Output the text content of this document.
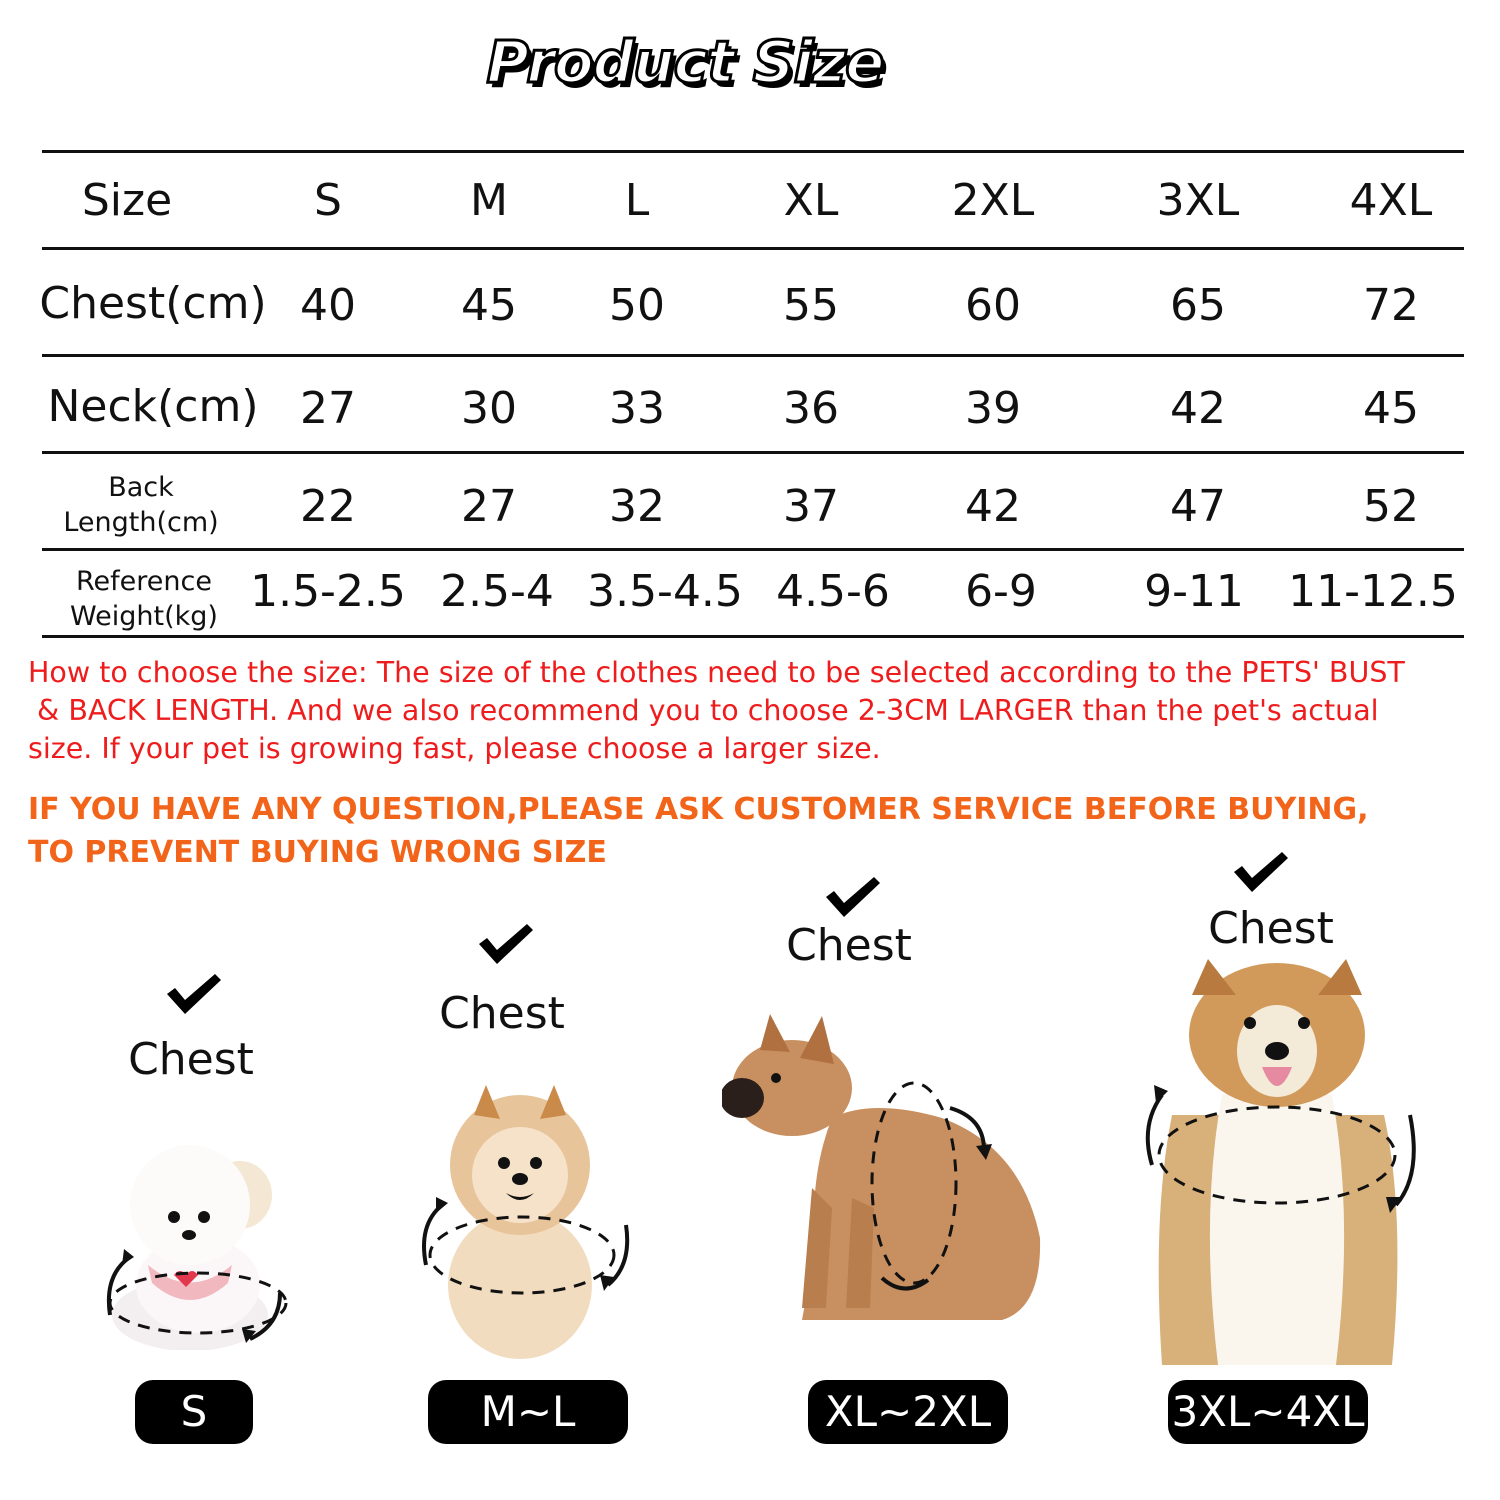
Product Size
Size	S	M	L	XL	2XL	3XL	4XL
Chest(cm) 40 45 50	55	60	65	72
Neck(cm) 27 30 33	36	39	42	45
Back
Length(cm) 22 27 32	37	42	47	52
Reference
Weight(kg) 1.5-2.5 2.5-4 3.5-4.5 4.5-6 6-9 9-11 11-12.5
How to choose the size: The size of the clothes need to be selected according to the PETS' BUST
& BACK LENGTH. And we also recommend you to choose 2-3CM LARGER than the pet's actual
size. If your pet is growing fast, please choose a larger size.
IF YOU HAVE ANY QUESTION,PLEASE ASK CUSTOMER SERVICE BEFORE BUYING,
TO PREVENT BUYING WRONG SIZE
Chest
Chest
Chest	Chest
S	M~L	XL~2XL	3XL~4XL
